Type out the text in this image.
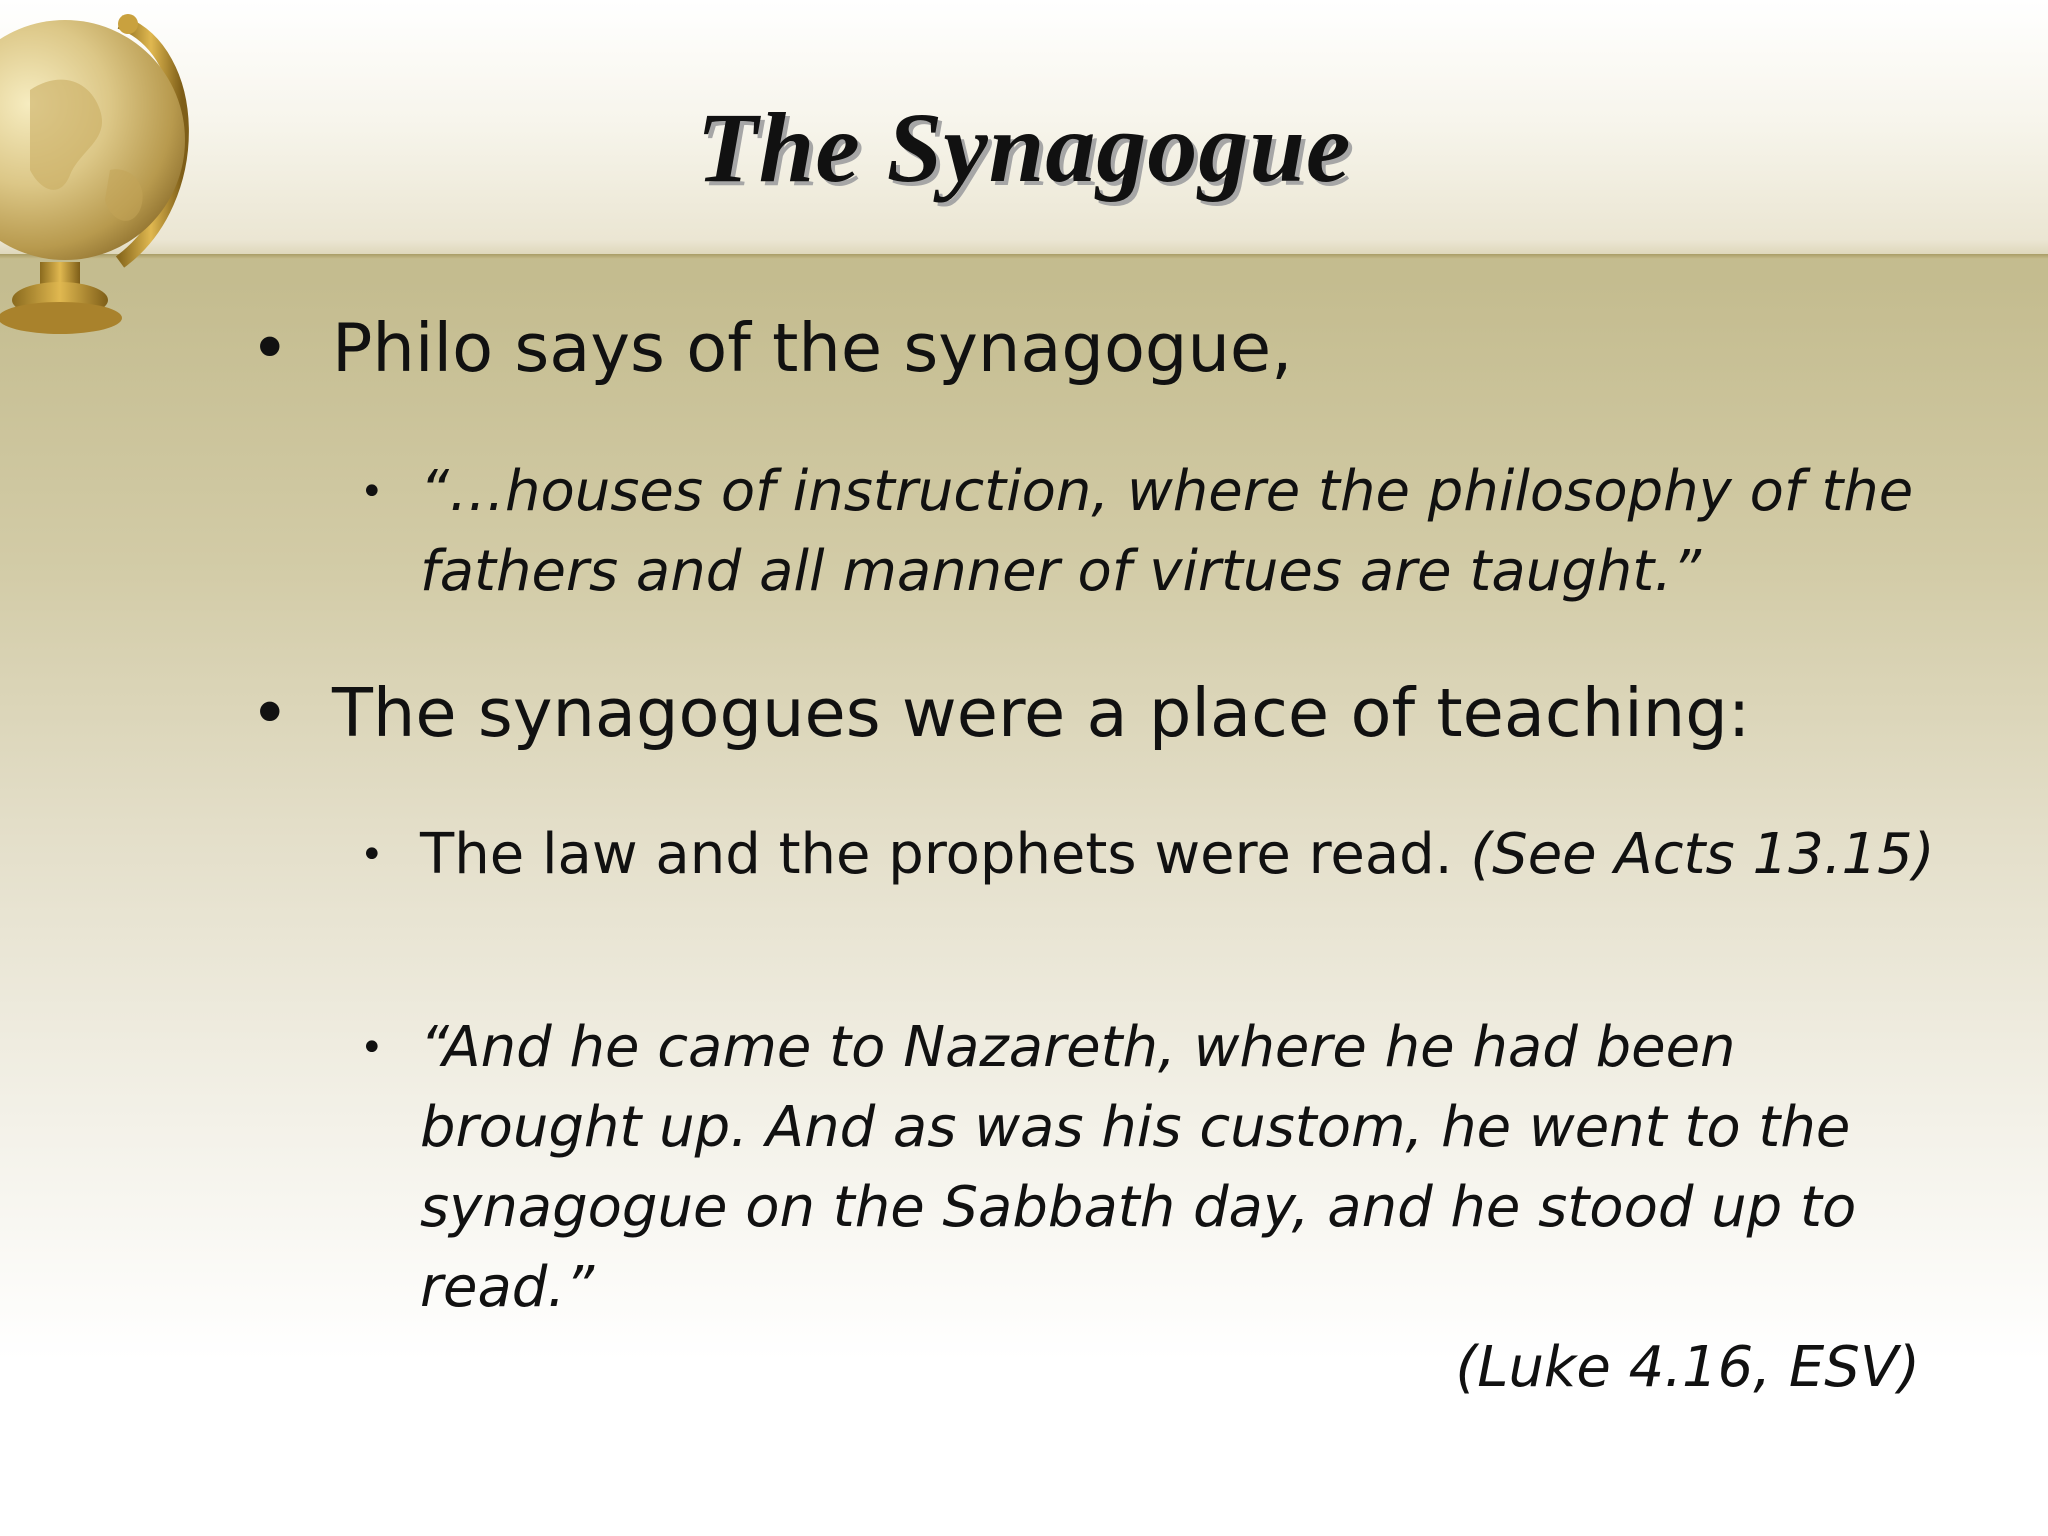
The Synagogue
• Philo says of the synagogue,
• “…houses of instruction, where the philosophy of the fathers and all manner of virtues are taught.”
• The synagogues were a place of teaching:
• The law and the prophets were read. (See Acts 13.15)
• “And he came to Nazareth, where he had been brought up. And as was his custom, he went to the synagogue on the Sabbath day, and he stood up to read.”
(Luke 4.16, ESV)
